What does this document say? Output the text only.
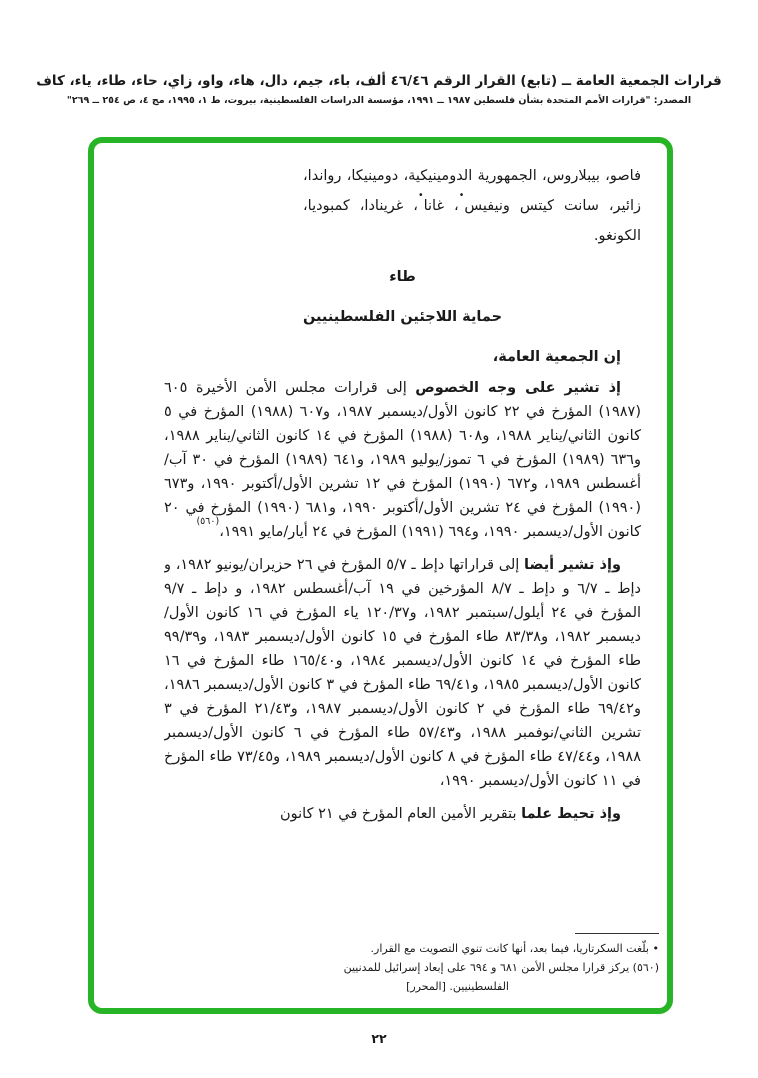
قرارات الجمعية العامة ــ (تابع) القرار الرقم ٤٦/٤٦ ألف، باء، جيم، دال، هاء، واو، زاي، حاء، طاء، ياء، كاف
المصدر: "قرارات الأمم المتحدة بشأن فلسطين ١٩٨٧ ــ ١٩٩١، مؤسسة الدراسات الفلسطينية، بيروت، ط ١، ١٩٩٥، مج ٤، ص ٢٥٤ ــ ٢٦٩"

فاصو، بيبلاروس، الجمهورية الدومينيكية، دومينيكا، رواندا، زائير، سانت كيتس ونيفيس•، غانا•، غرينادا، كمبوديا، الكونغو.

طاء
حماية اللاجئين الفلسطينيين

إن الجمعية العامة،

إذ تشير على وجه الخصوص إلى قرارات مجلس الأمن الأخيرة ٦٠٥ (١٩٨٧) المؤرخ في ٢٢ كانون الأول/ديسمبر ١٩٨٧، و٦٠٧ (١٩٨٨) المؤرخ في ٥ كانون الثاني/يناير ١٩٨٨، و٦٠٨ (١٩٨٨) المؤرخ في ١٤ كانون الثاني/يناير ١٩٨٨، و٦٣٦ (١٩٨٩) المؤرخ في ٦ تموز/يوليو ١٩٨٩، و٦٤١ (١٩٨٩) المؤرخ في ٣٠ آب/أغسطس ١٩٨٩، و٦٧٢ (١٩٩٠) المؤرخ في ١٢ تشرين الأول/أكتوبر ١٩٩٠، و٦٧٣ (١٩٩٠) المؤرخ في ٢٤ تشرين الأول/أكتوبر ١٩٩٠، و٦٨١ (١٩٩٠) المؤرخ في ٢٠ كانون الأول/ديسمبر ١٩٩٠، و٦٩٤ (١٩٩١) المؤرخ في ٢٤ أيار/مايو ١٩٩١،$^{(٥٦٠)}$

وإذ تشير أيضا إلى قراراتها دإط ـ ٥/٧ المؤرخ في ٢٦ حزيران/يونيو ١٩٨٢، و دإط ـ ٦/٧ و دإط ـ ٨/٧ المؤرخين في ١٩ آب/أغسطس ١٩٨٢، و دإط ـ ٩/٧ المؤرخ في ٢٤ أيلول/سبتمبر ١٩٨٢، و١٢٠/٣٧ ياء المؤرخ في ١٦ كانون الأول/ديسمبر ١٩٨٢، و٨٣/٣٨ طاء المؤرخ في ١٥ كانون الأول/ديسمبر ١٩٨٣، و٩٩/٣٩ طاء المؤرخ في ١٤ كانون الأول/ديسمبر ١٩٨٤، و١٦٥/٤٠ طاء المؤرخ في ١٦ كانون الأول/ديسمبر ١٩٨٥، و٦٩/٤١ طاء المؤرخ في ٣ كانون الأول/ديسمبر ١٩٨٦، و٦٩/٤٢ طاء المؤرخ في ٢ كانون الأول/ديسمبر ١٩٨٧، و٢١/٤٣ المؤرخ في ٣ تشرين الثاني/نوفمبر ١٩٨٨، و٥٧/٤٣ طاء المؤرخ في ٦ كانون الأول/ديسمبر ١٩٨٨، و٤٧/٤٤ طاء المؤرخ في ٨ كانون الأول/ديسمبر ١٩٨٩، و٧٣/٤٥ طاء المؤرخ في ١١ كانون الأول/ديسمبر ١٩٩٠،

وإذ تحيط علما بتقرير الأمين العام المؤرخ في ٢١ كانون

• بلّغت السكرتاريا، فيما بعد، أنها كانت تنوي التصويت مع القرار.
(٥٦٠) يركز قرارا مجلس الأمن ٦٨١ و ٦٩٤ على إبعاد إسرائيل للمدنيين
الفلسطينيين. [المحرر]
٢٢
